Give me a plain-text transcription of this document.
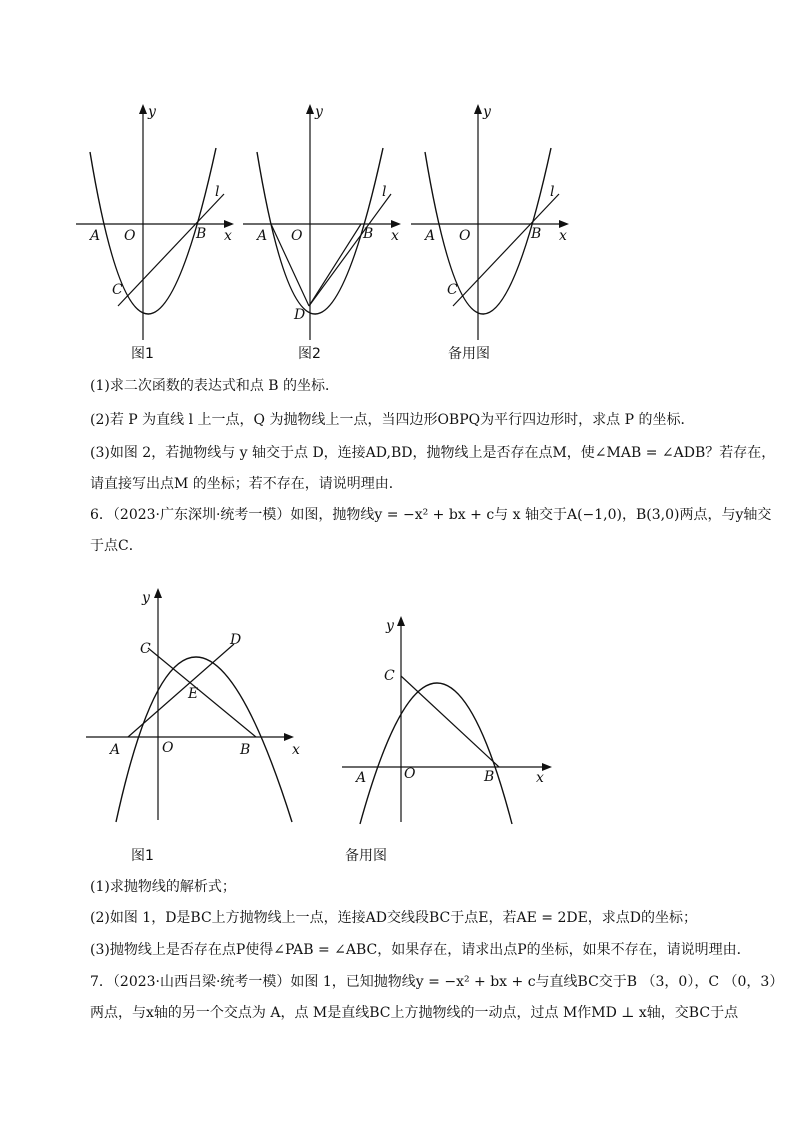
y
x
l
A O	B
C
图1
y
x
l
A O	B
D
图2
y
x
l
A O	B
C
备用图
(1)求二次函数的表达式和点 B 的坐标．
(2)若 P 为直线 l 上一点，Q 为抛物线上一点，当四边形OBPQ为平行四边形时，求点 P 的坐标．
(3)如图 2，若抛物线与 y 轴交于点 D，连接AD,BD，抛物线上是否存在点M，使∠MAB = ∠ADB？若存在，
请直接写出点M 的坐标；若不存在，请说明理由．
6．（2023·广东深圳·统考一模）如图，抛物线y = −x² + bx + c与 x 轴交于A(−1,0)，B(3,0)两点，与y轴交
于点C．
y
x
A	O	B
C
D
E
图1
y
x
A	O	B
C
备用图
(1)求抛物线的解析式；
(2)如图 1，D是BC上方抛物线上一点，连接AD交线段BC于点E，若AE = 2DE，求点D的坐标；
(3)抛物线上是否存在点P使得∠PAB = ∠ABC，如果存在，请求出点P的坐标，如果不存在，请说明理由．
7．（2023·山西吕梁·统考一模）如图 1，已知抛物线y = −x² + bx + c与直线BC交于B （3，0），C （0，3）
两点，与x轴的另一个交点为 A，点 M是直线BC上方抛物线的一动点，过点 M作MD ⊥ x轴，交BC于点
